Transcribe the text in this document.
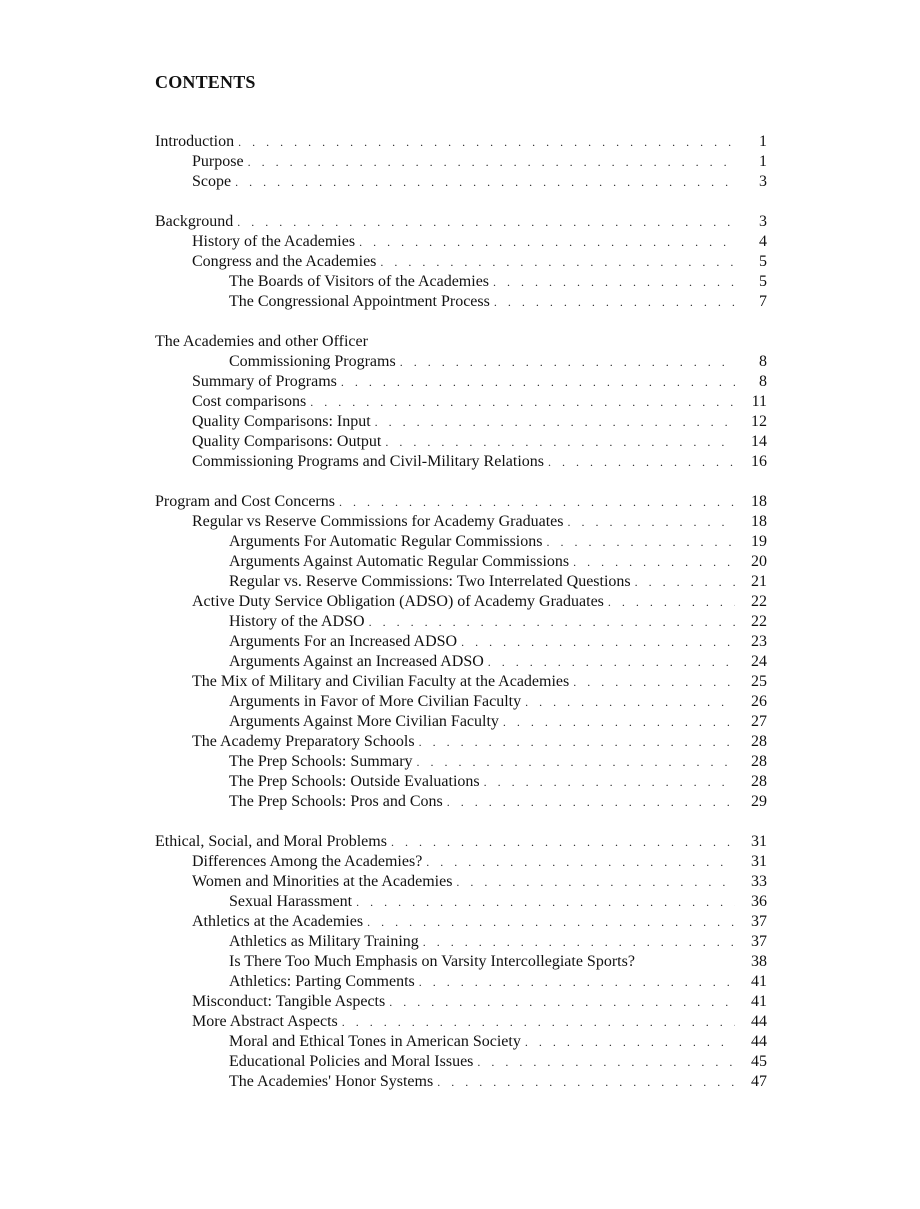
CONTENTS
Introduction . . .	1
Purpose . . .	1
Scope . . .	3
Background . . .	3
History of the Academies . . .	4
Congress and the Academies . . .	5
The Boards of Visitors of the Academies . . .	5
The Congressional Appointment Process . . .	7
The Academies and other Officer
Commissioning Programs . . .	8
Summary of Programs . . .	8
Cost comparisons . . .	11
Quality Comparisons: Input . . .	12
Quality Comparisons: Output . . .	14
Commissioning Programs and Civil-Military Relations . . .	16
Program and Cost Concerns . . .	18
Regular vs Reserve Commissions for Academy Graduates . . .	18
Arguments For Automatic Regular Commissions . . .	19
Arguments Against Automatic Regular Commissions . . .	20
Regular vs. Reserve Commissions: Two Interrelated Questions . . .	21
Active Duty Service Obligation (ADSO) of Academy Graduates . . .	22
History of the ADSO . . .	22
Arguments For an Increased ADSO . . .	23
Arguments Against an Increased ADSO . . .	24
The Mix of Military and Civilian Faculty at the Academies . . .	25
Arguments in Favor of More Civilian Faculty . . .	26
Arguments Against More Civilian Faculty . . .	27
The Academy Preparatory Schools . . .	28
The Prep Schools: Summary . . .	28
The Prep Schools: Outside Evaluations . . .	28
The Prep Schools: Pros and Cons . . .	29
Ethical, Social, and Moral Problems . . .	31
Differences Among the Academies? . . .	31
Women and Minorities at the Academies . . .	33
Sexual Harassment . . .	36
Athletics at the Academies . . .	37
Athletics as Military Training . . .	37
Is There Too Much Emphasis on Varsity Intercollegiate Sports?	38
Athletics: Parting Comments . . .	41
Misconduct: Tangible Aspects . . .	41
More Abstract Aspects . . .	44
Moral and Ethical Tones in American Society . . .	44
Educational Policies and Moral Issues . . .	45
The Academies' Honor Systems . . .	47
